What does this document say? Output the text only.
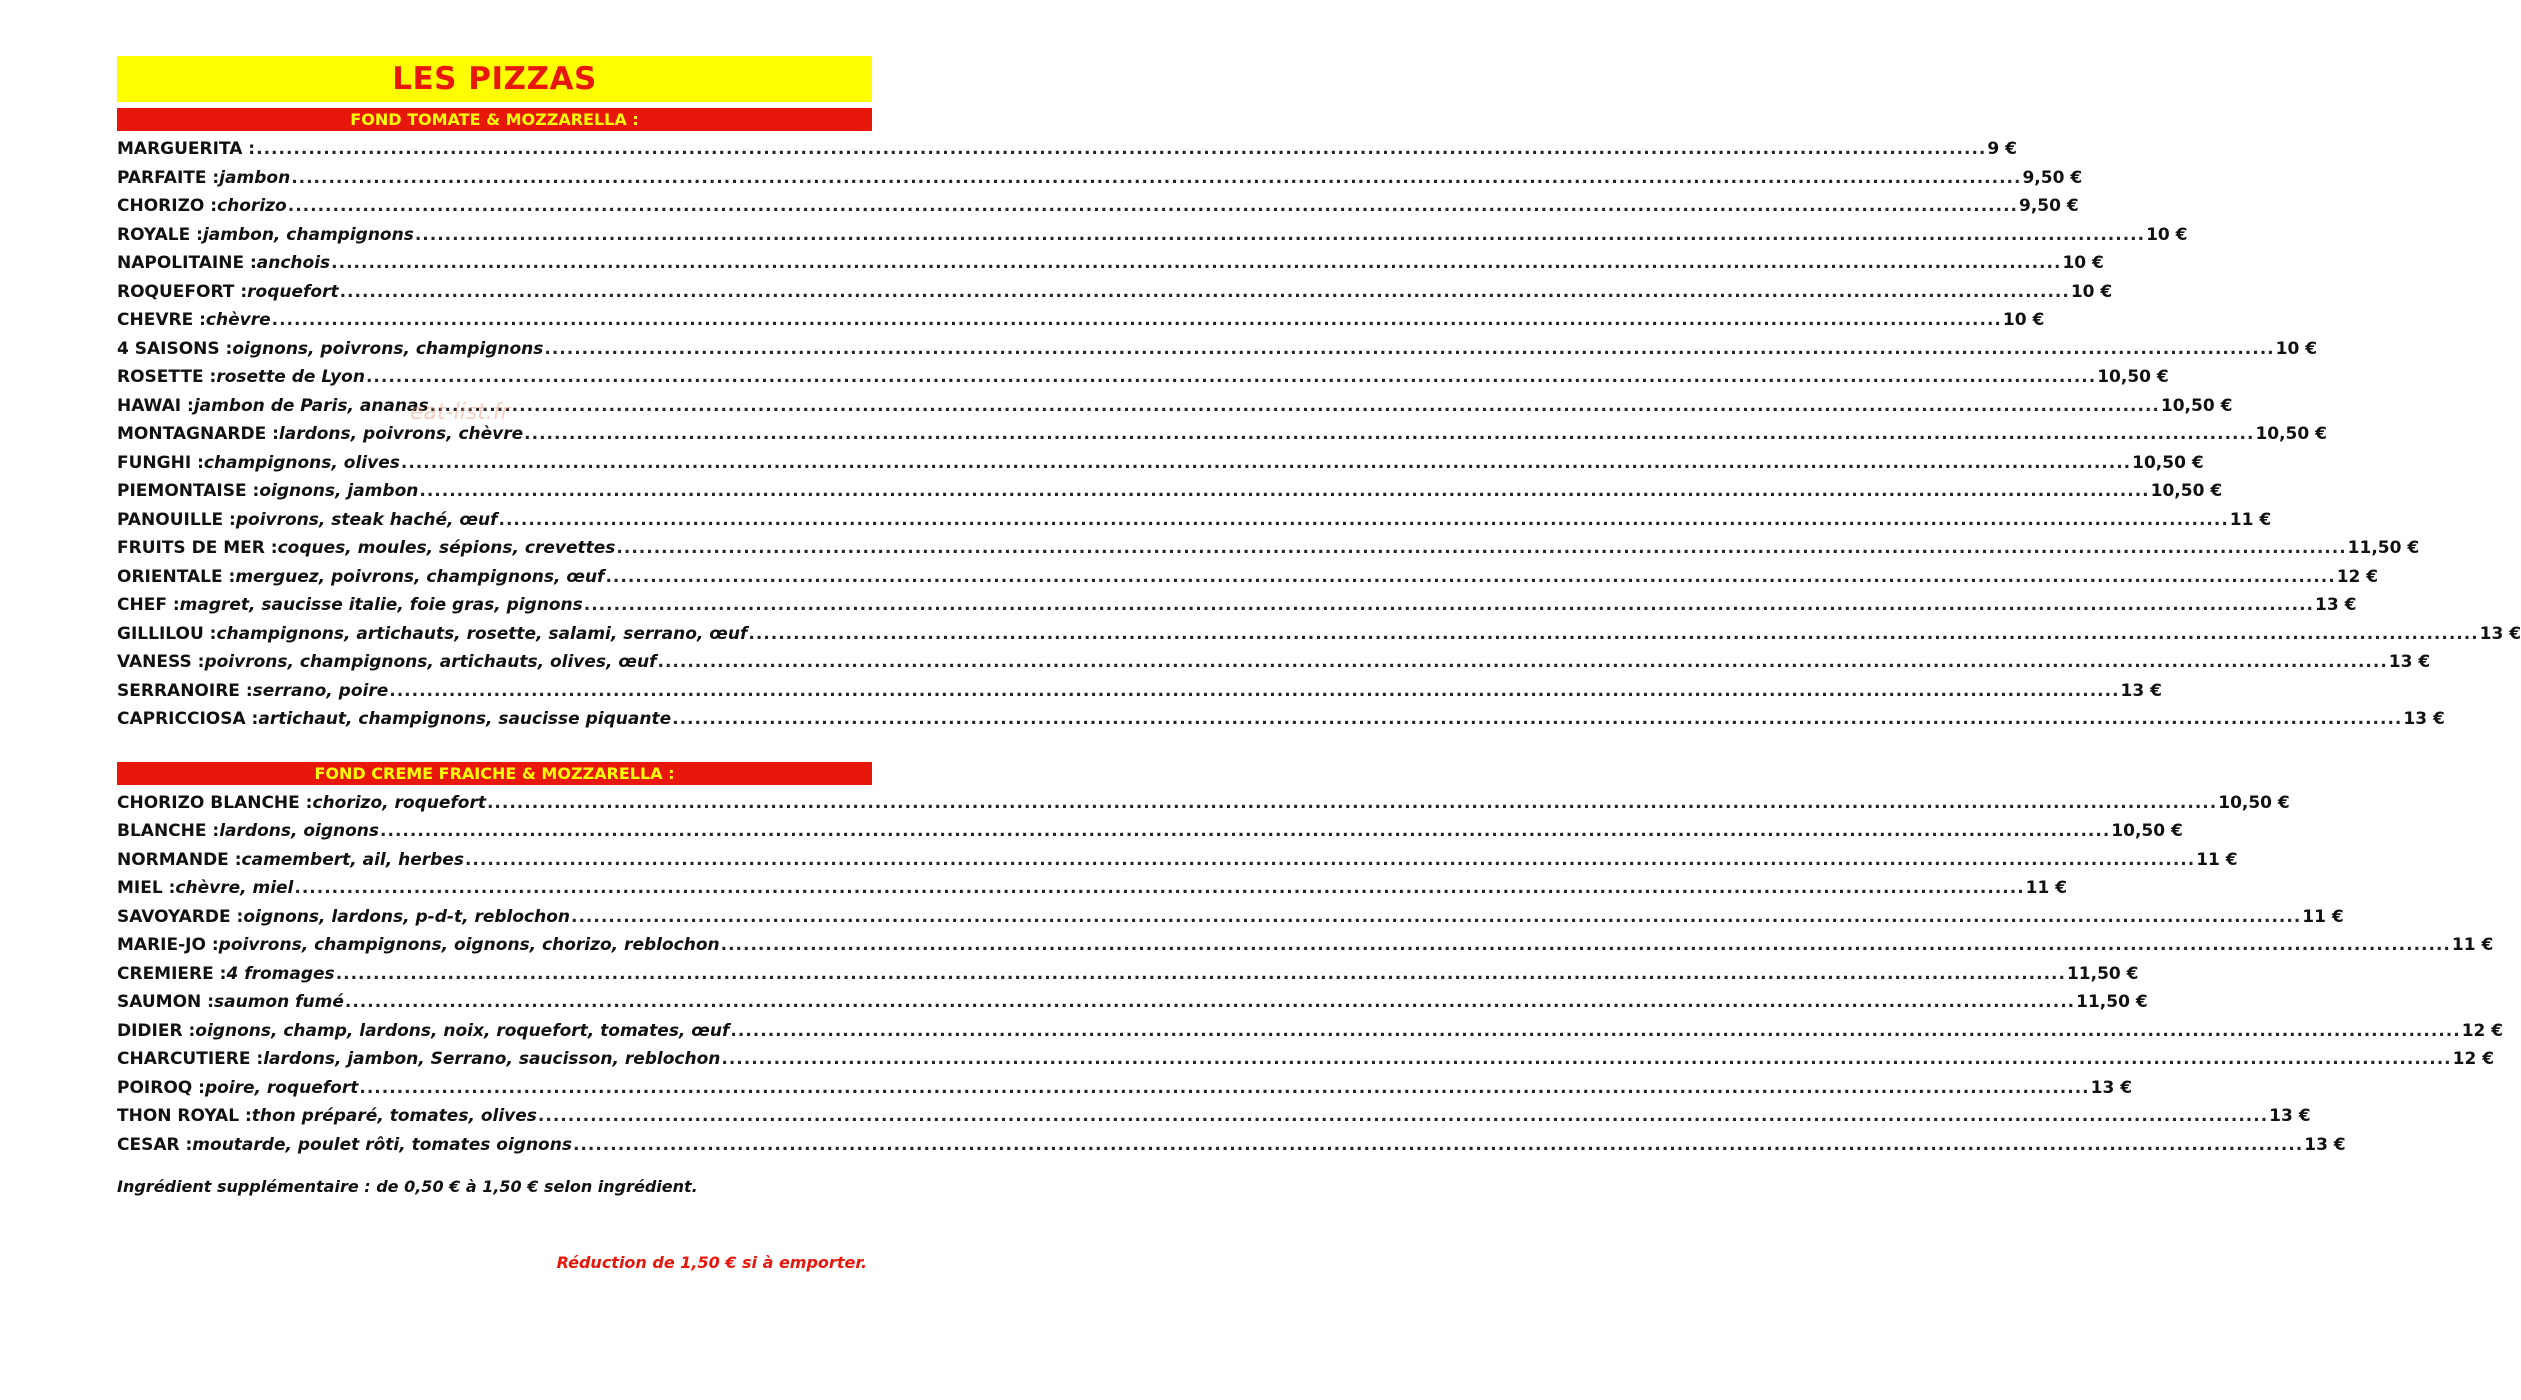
LES PIZZAS
FOND TOMATE & MOZZARELLA :
MARGUERITA : .....	9 €
PARFAITE : jambon .....	9,50 €
CHORIZO : chorizo .....	9,50 €
ROYALE : jambon, champignons .....	10 €
NAPOLITAINE : anchois .....	10 €
ROQUEFORT : roquefort .....	10 €
CHEVRE : chèvre .....	10 €
4 SAISONS : oignons, poivrons, champignons .....	10 €
ROSETTE : rosette de Lyon .....	10,50 €
HAWAI : jambon de Paris, ananas .....	10,50 €
MONTAGNARDE : lardons, poivrons, chèvre .....	10,50 €
FUNGHI : champignons, olives .....	10,50 €
PIEMONTAISE : oignons, jambon .....	10,50 €
PANOUILLE : poivrons, steak haché, œuf .....	11 €
FRUITS DE MER : coques, moules, sépions, crevettes .....	11,50 €
ORIENTALE : merguez, poivrons, champignons, œuf .....	12 €
CHEF : magret, saucisse italie, foie gras, pignons .....	13 €
GILLILOU : champignons, artichauts, rosette, salami, serrano, œuf .....	13 €
VANESS : poivrons, champignons, artichauts, olives, œuf .....	13 €
SERRANOIRE : serrano, poire .....	13 €
CAPRICCIOSA : artichaut, champignons, saucisse piquante .....	13 €
FOND CREME FRAICHE & MOZZARELLA :
CHORIZO BLANCHE : chorizo, roquefort .....	10,50 €
BLANCHE : lardons, oignons .....	10,50 €
NORMANDE : camembert, ail, herbes .....	11 €
MIEL : chèvre, miel .....	11 €
SAVOYARDE : oignons, lardons, p-d-t, reblochon .....	11 €
MARIE-JO : poivrons, champignons, oignons, chorizo, reblochon .....	11 €
CREMIERE : 4 fromages .....	11,50 €
SAUMON : saumon fumé .....	11,50 €
DIDIER : oignons, champ, lardons, noix, roquefort, tomates, œuf .....	12 €
CHARCUTIERE : lardons, jambon, Serrano, saucisson, reblochon .....	12 €
POIROQ : poire, roquefort .....	13 €
THON ROYAL : thon préparé, tomates, olives .....	13 €
CESAR : moutarde, poulet rôti, tomates oignons .....	13 €
Ingrédient supplémentaire : de 0,50 € à 1,50 € selon ingrédient.
Réduction de 1,50 € si à emporter.
eat-list.fr
